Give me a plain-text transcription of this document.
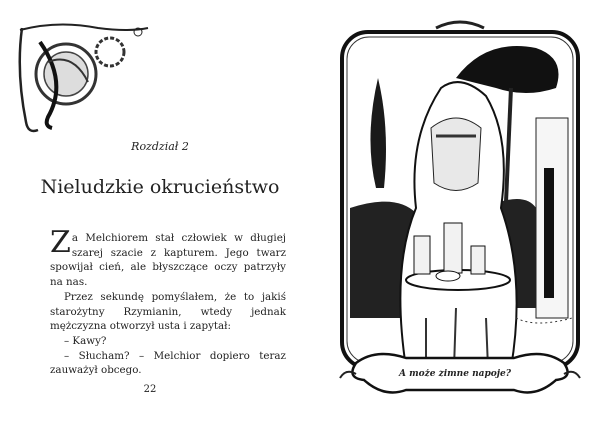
Rozdział 2
Nieludzkie okrucieństwo

Za Melchiorem stał człowiek w długiej szarej szacie z kapturem. Jego twarz spowijał cień, ale błyszczące oczy patrzyły na nas.

Przez sekundę pomyślałem, że to jakiś starożytny Rzymianin, wtedy jednak mężczyzna otworzył usta i zapytał:

– Kawy?

– Słucham? – Melchior dopiero teraz zauważył obcego.

22
A może zimne napoje?
